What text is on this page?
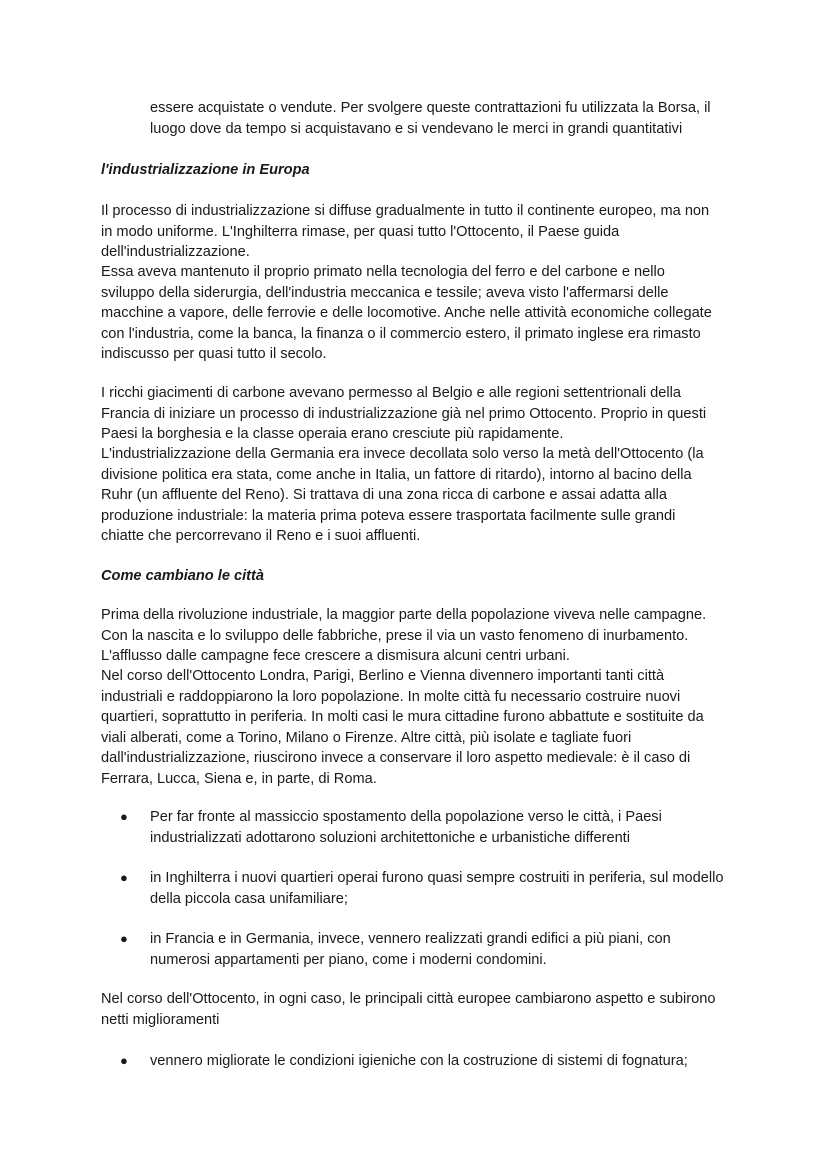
essere acquistate o vendute. Per svolgere queste contrattazioni fu utilizzata la Borsa, il luogo dove da tempo si acquistavano e si vendevano le merci in grandi quantitativi

l'industrializzazione in Europa

Il processo di industrializzazione si diffuse gradualmente in tutto il continente europeo, ma non in modo uniforme. L'Inghilterra rimase, per quasi tutto l'Ottocento, il Paese guida dell'industrializzazione.

Essa aveva mantenuto il proprio primato nella tecnologia del ferro e del carbone e nello sviluppo della siderurgia, dell'industria meccanica e tessile; aveva visto l'affermarsi delle macchine a vapore, delle ferrovie e delle locomotive. Anche nelle attività economiche collegate con l'industria, come la banca, la finanza o il commercio estero, il primato inglese era rimasto indiscusso per quasi tutto il secolo.

I ricchi giacimenti di carbone avevano permesso al Belgio e alle regioni settentrionali della Francia di iniziare un processo di industrializzazione già nel primo Ottocento. Proprio in questi Paesi la borghesia e la classe operaia erano cresciute più rapidamente.

L'industrializzazione della Germania era invece decollata solo verso la metà dell'Ottocento (la divisione politica era stata, come anche in Italia, un fattore di ritardo), intorno al bacino della Ruhr (un affluente del Reno). Si trattava di una zona ricca di carbone e assai adatta alla produzione industriale: la materia prima poteva essere trasportata facilmente sulle grandi chiatte che percorrevano il Reno e i suoi affluenti.

Come cambiano le città

Prima della rivoluzione industriale, la maggior parte della popolazione viveva nelle campagne. Con la nascita e lo sviluppo delle fabbriche, prese il via un vasto fenomeno di inurbamento. L'afflusso dalle campagne fece crescere a dismisura alcuni centri urbani.

Nel corso dell'Ottocento Londra, Parigi, Berlino e Vienna divennero importanti tanti città industriali e raddoppiarono la loro popolazione. In molte città fu necessario costruire nuovi quartieri, soprattutto in periferia. In molti casi le mura cittadine furono abbattute e sostituite da viali alberati, come a Torino, Milano o Firenze. Altre città, più isolate e tagliate fuori dall'industrializzazione, riuscirono invece a conservare il loro aspetto medievale: è il caso di Ferrara, Lucca, Siena e, in parte, di Roma.

●	Per far fronte al massiccio spostamento della popolazione verso le città, i Paesi industrializzati adottarono soluzioni architettoniche e urbanistiche differenti
●	in Inghilterra i nuovi quartieri operai furono quasi sempre costruiti in periferia, sul modello della piccola casa unifamiliare;
●	in Francia e in Germania, invece, vennero realizzati grandi edifici a più piani, con numerosi appartamenti per piano, come i moderni condomini.

Nel corso dell'Ottocento, in ogni caso, le principali città europee cambiarono aspetto e subirono netti miglioramenti

●	vennero migliorate le condizioni igieniche con la costruzione di sistemi di fognatura;
